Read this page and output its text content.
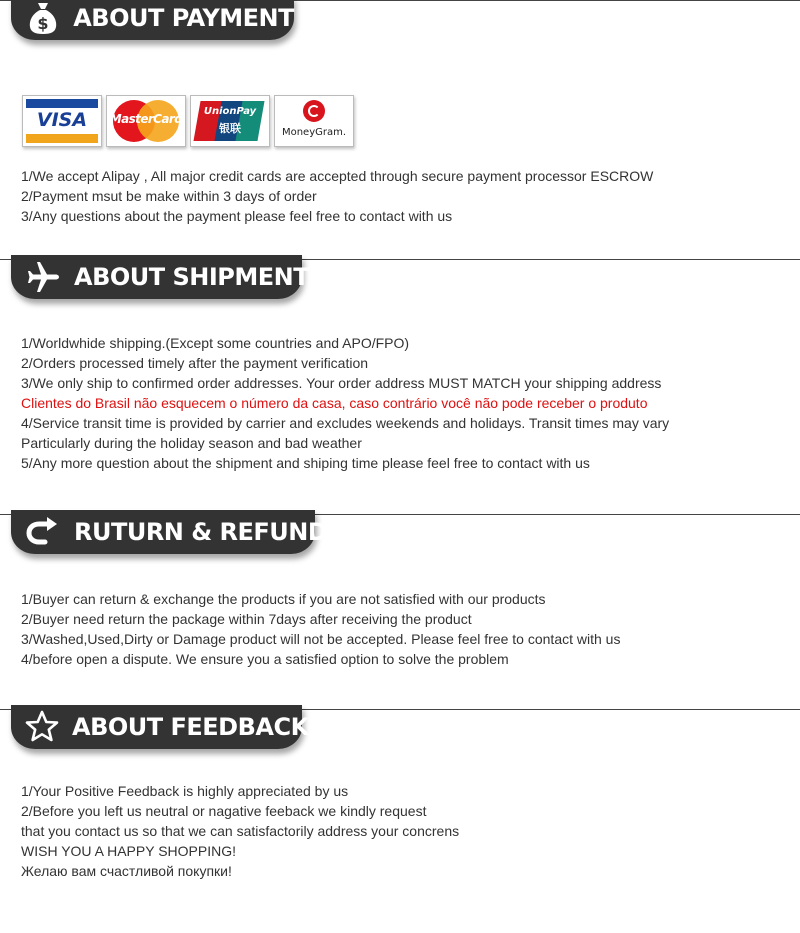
$ ABOUT PAYMENT
VISA	MasterCard
UnionPay
银联	MoneyGram.
1/We accept Alipay , All major credit cards are accepted through secure payment processor ESCROW
2/Payment msut be make within 3 days of order
3/Any questions about the payment please feel free to contact with us
ABOUT SHIPMENT
1/Worldwhide shipping.(Except some countries and APO/FPO)
2/Orders processed timely after the payment verification
3/We only ship to confirmed order addresses. Your order address MUST MATCH your shipping address
Clientes do Brasil não esquecem o número da casa, caso contrário você não pode receber o produto
4/Service transit time is provided by carrier and excludes weekends and holidays. Transit times may vary
Particularly during the holiday season and bad weather
5/Any more question about the shipment and shiping time please feel free to contact with us
RUTURN & REFUND
1/Buyer can return & exchange the products if you are not satisfied with our products
2/Buyer need return the package within 7days after receiving the product
3/Washed,Used,Dirty or Damage product will not be accepted. Please feel free to contact with us
4/before open a dispute. We ensure you a satisfied option to solve the problem
ABOUT FEEDBACK
1/Your Positive Feedback is highly appreciated by us
2/Before you left us neutral or nagative feeback we kindly request
that you contact us so that we can satisfactorily address your concrens
WISH YOU A HAPPY SHOPPING!
Желаю вам счастливой покупки!
